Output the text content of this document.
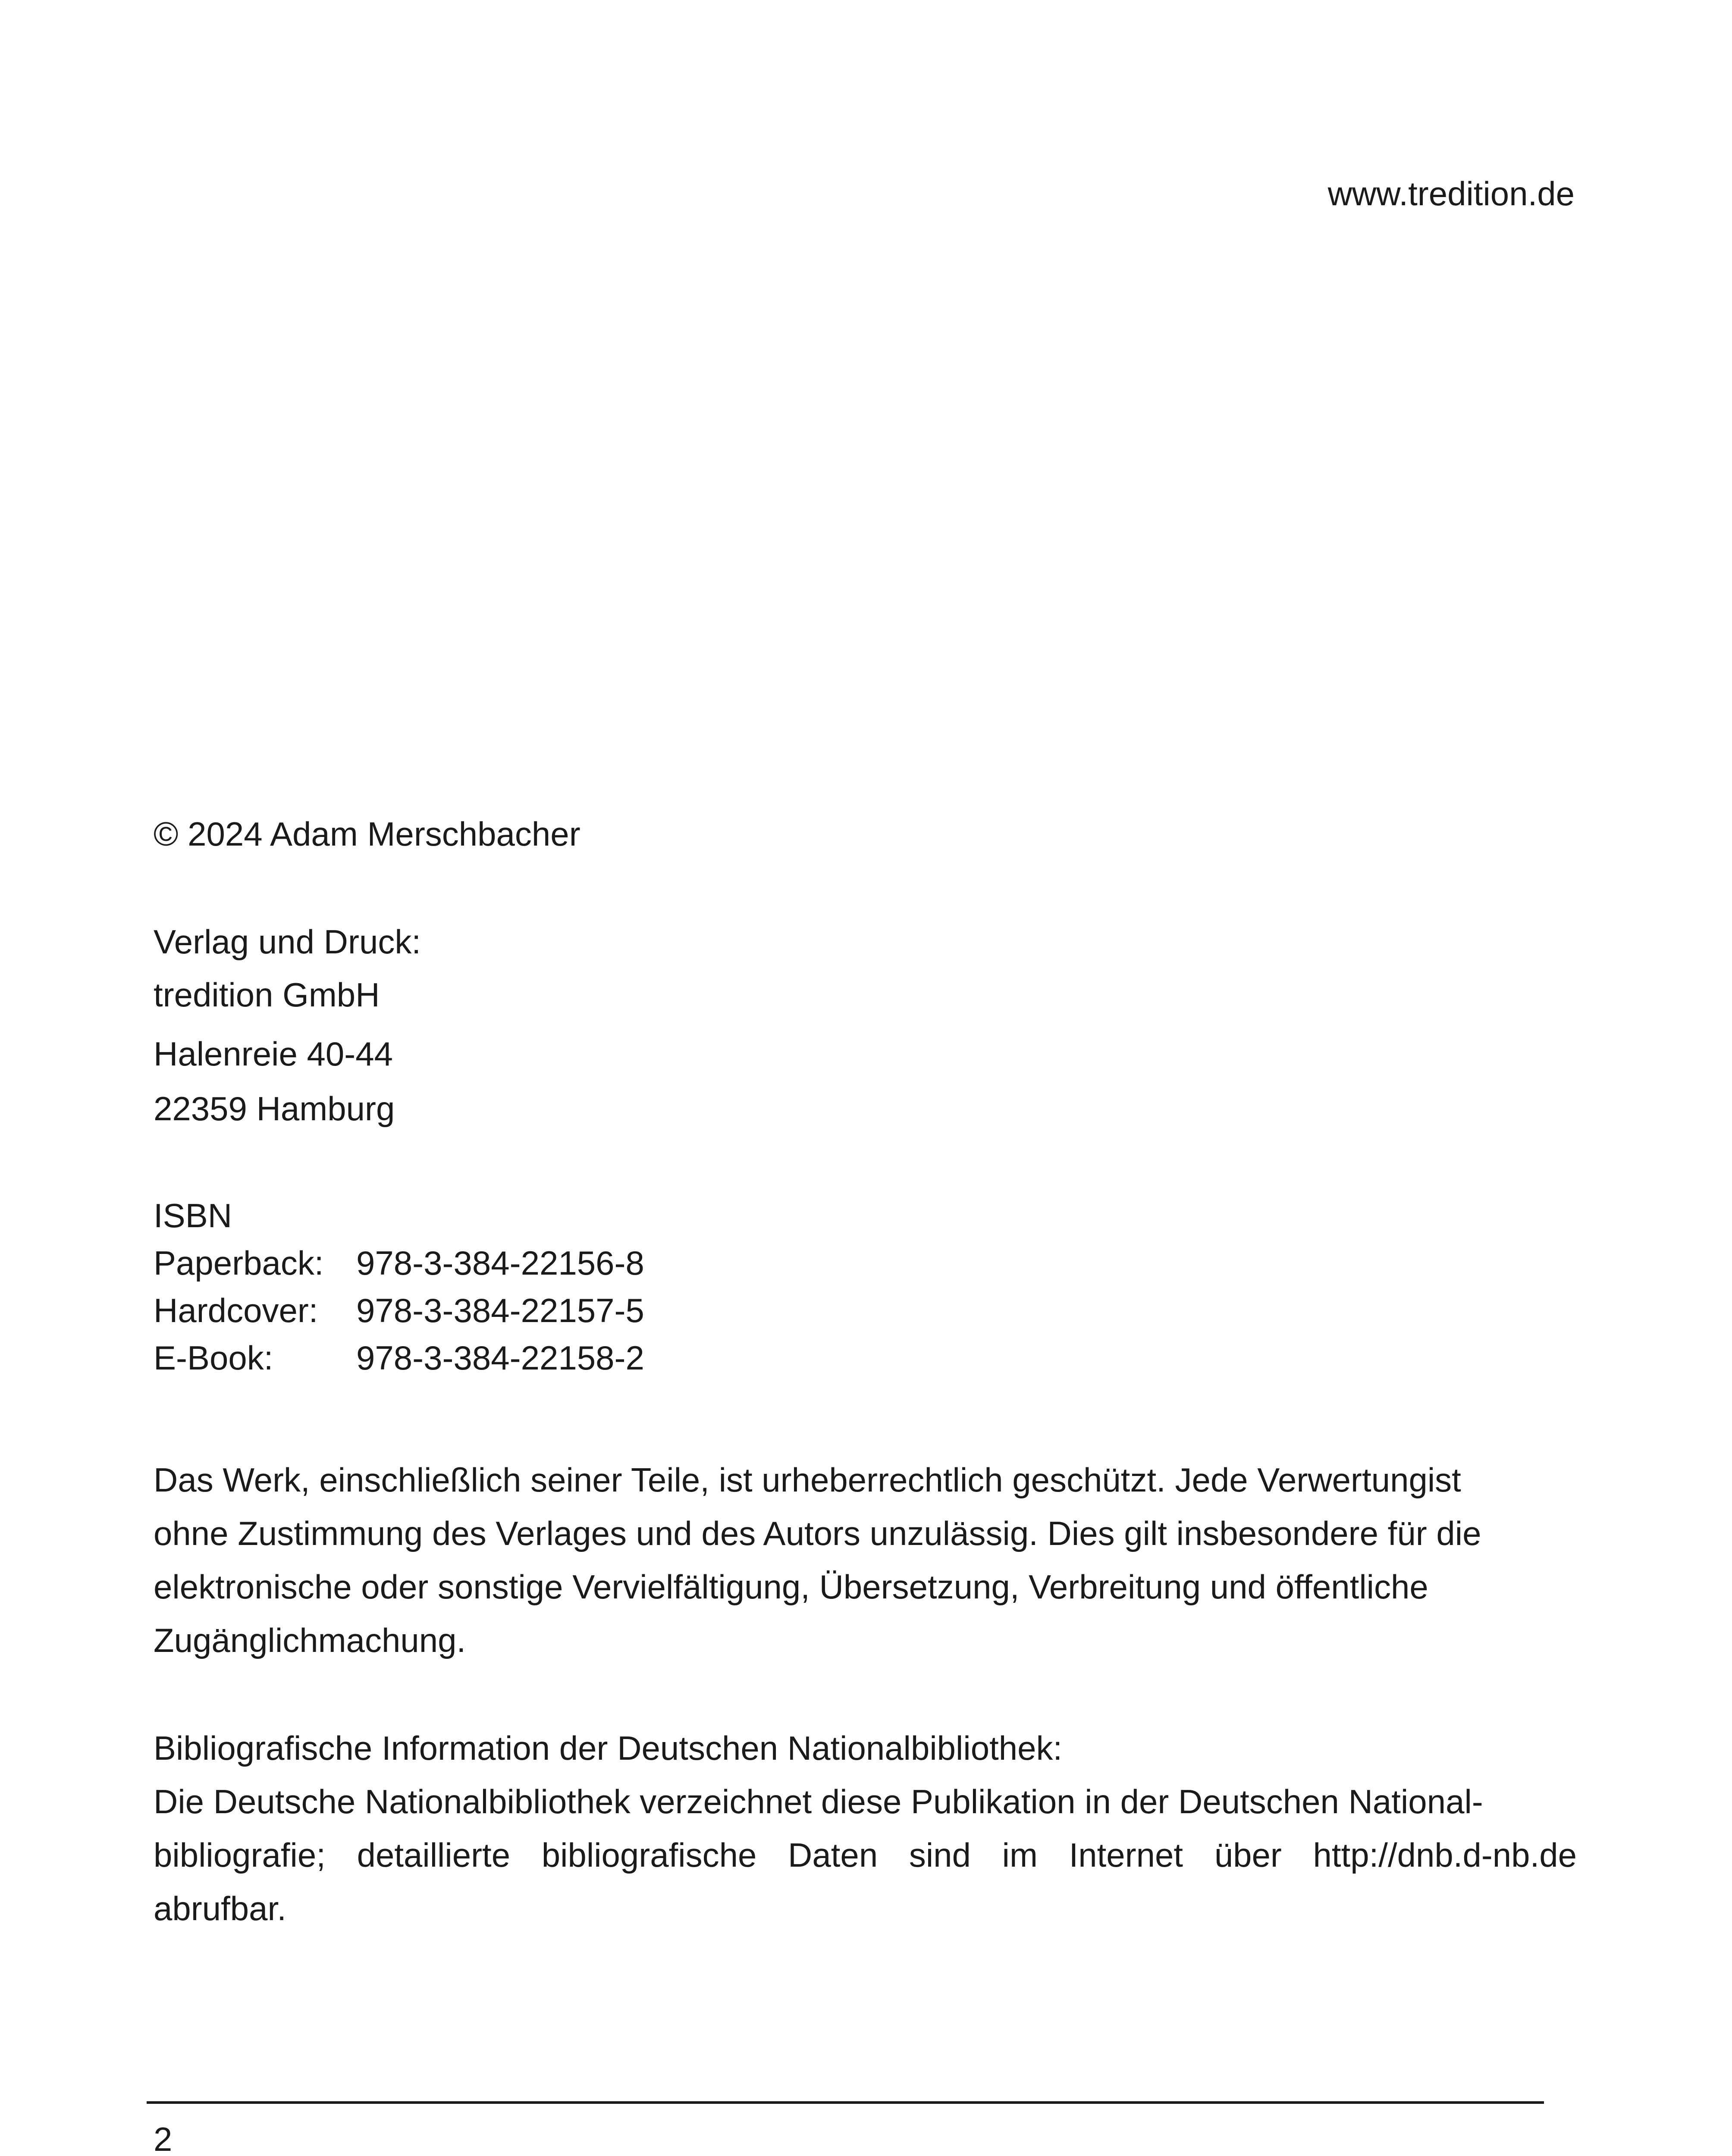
www.tredition.de
© 2024 Adam Merschbacher
Verlag und Druck:
tredition GmbH
Halenreie 40-44
22359 Hamburg
ISBN
Paperback: 978-3-384-22156-8
Hardcover: 978-3-384-22157-5
E-Book: 978-3-384-22158-2
Das Werk, einschließlich seiner Teile, ist urheberrechtlich geschützt. Jede Verwertungist
ohne Zustimmung des Verlages und des Autors unzulässig. Dies gilt insbesondere für die
elektronische oder sonstige Vervielfältigung, Übersetzung, Verbreitung und öffentliche
Zugänglichmachung.
Bibliografische Information der Deutschen Nationalbibliothek:
Die Deutsche Nationalbibliothek verzeichnet diese Publikation in der Deutschen National-
bibliografie; detaillierte bibliografische Daten sind im Internet über http://dnb.d-nb.de
abrufbar.
2
